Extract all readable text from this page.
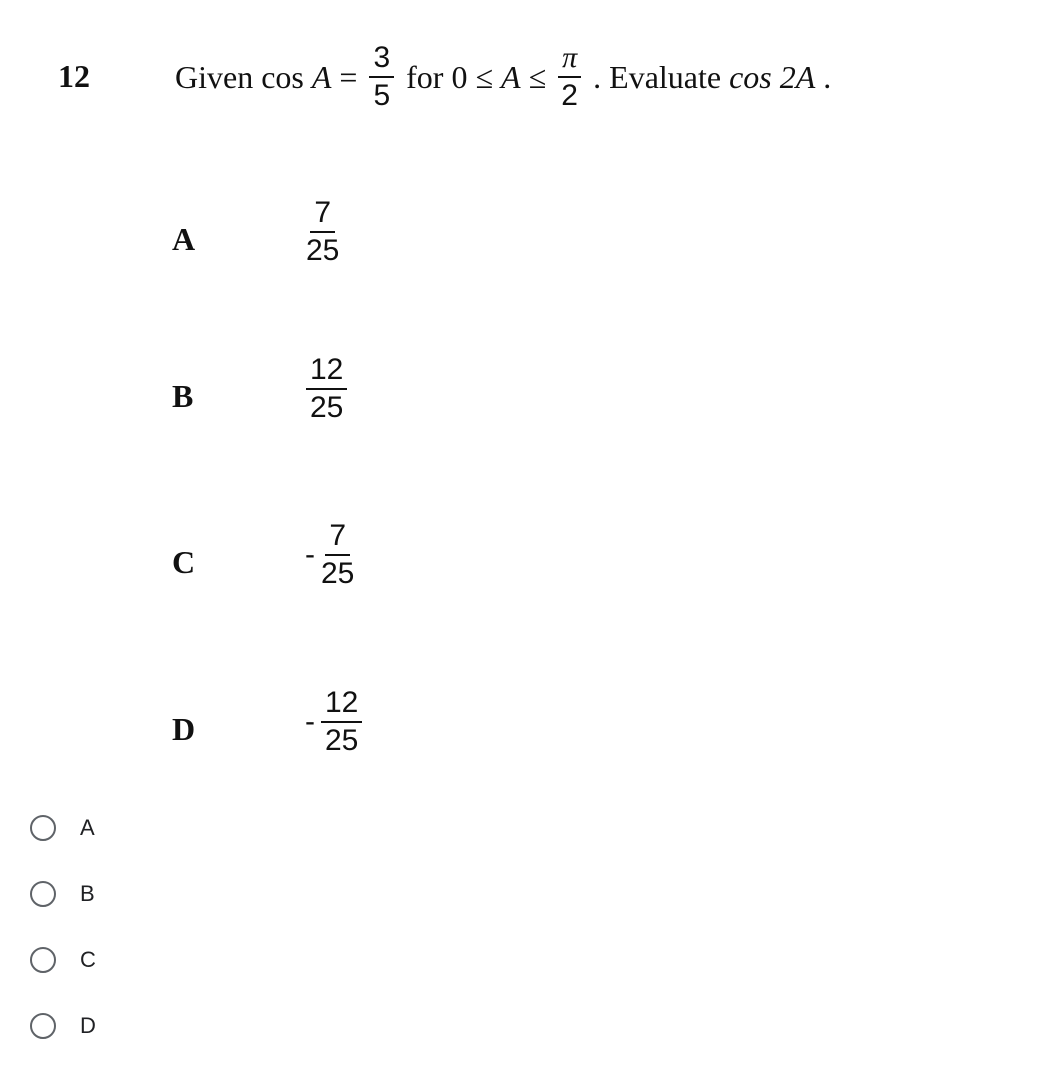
12	Given $\cos A = \frac{3}{5}$ for $0 \le A \le \frac{\pi}{2}$ . Evaluate cos 2A .
A	$\frac{7}{25}$
B	$\frac{12}{25}$
C	- $\frac{7}{25}$
D	- $\frac{12}{25}$
A
B
C
D
